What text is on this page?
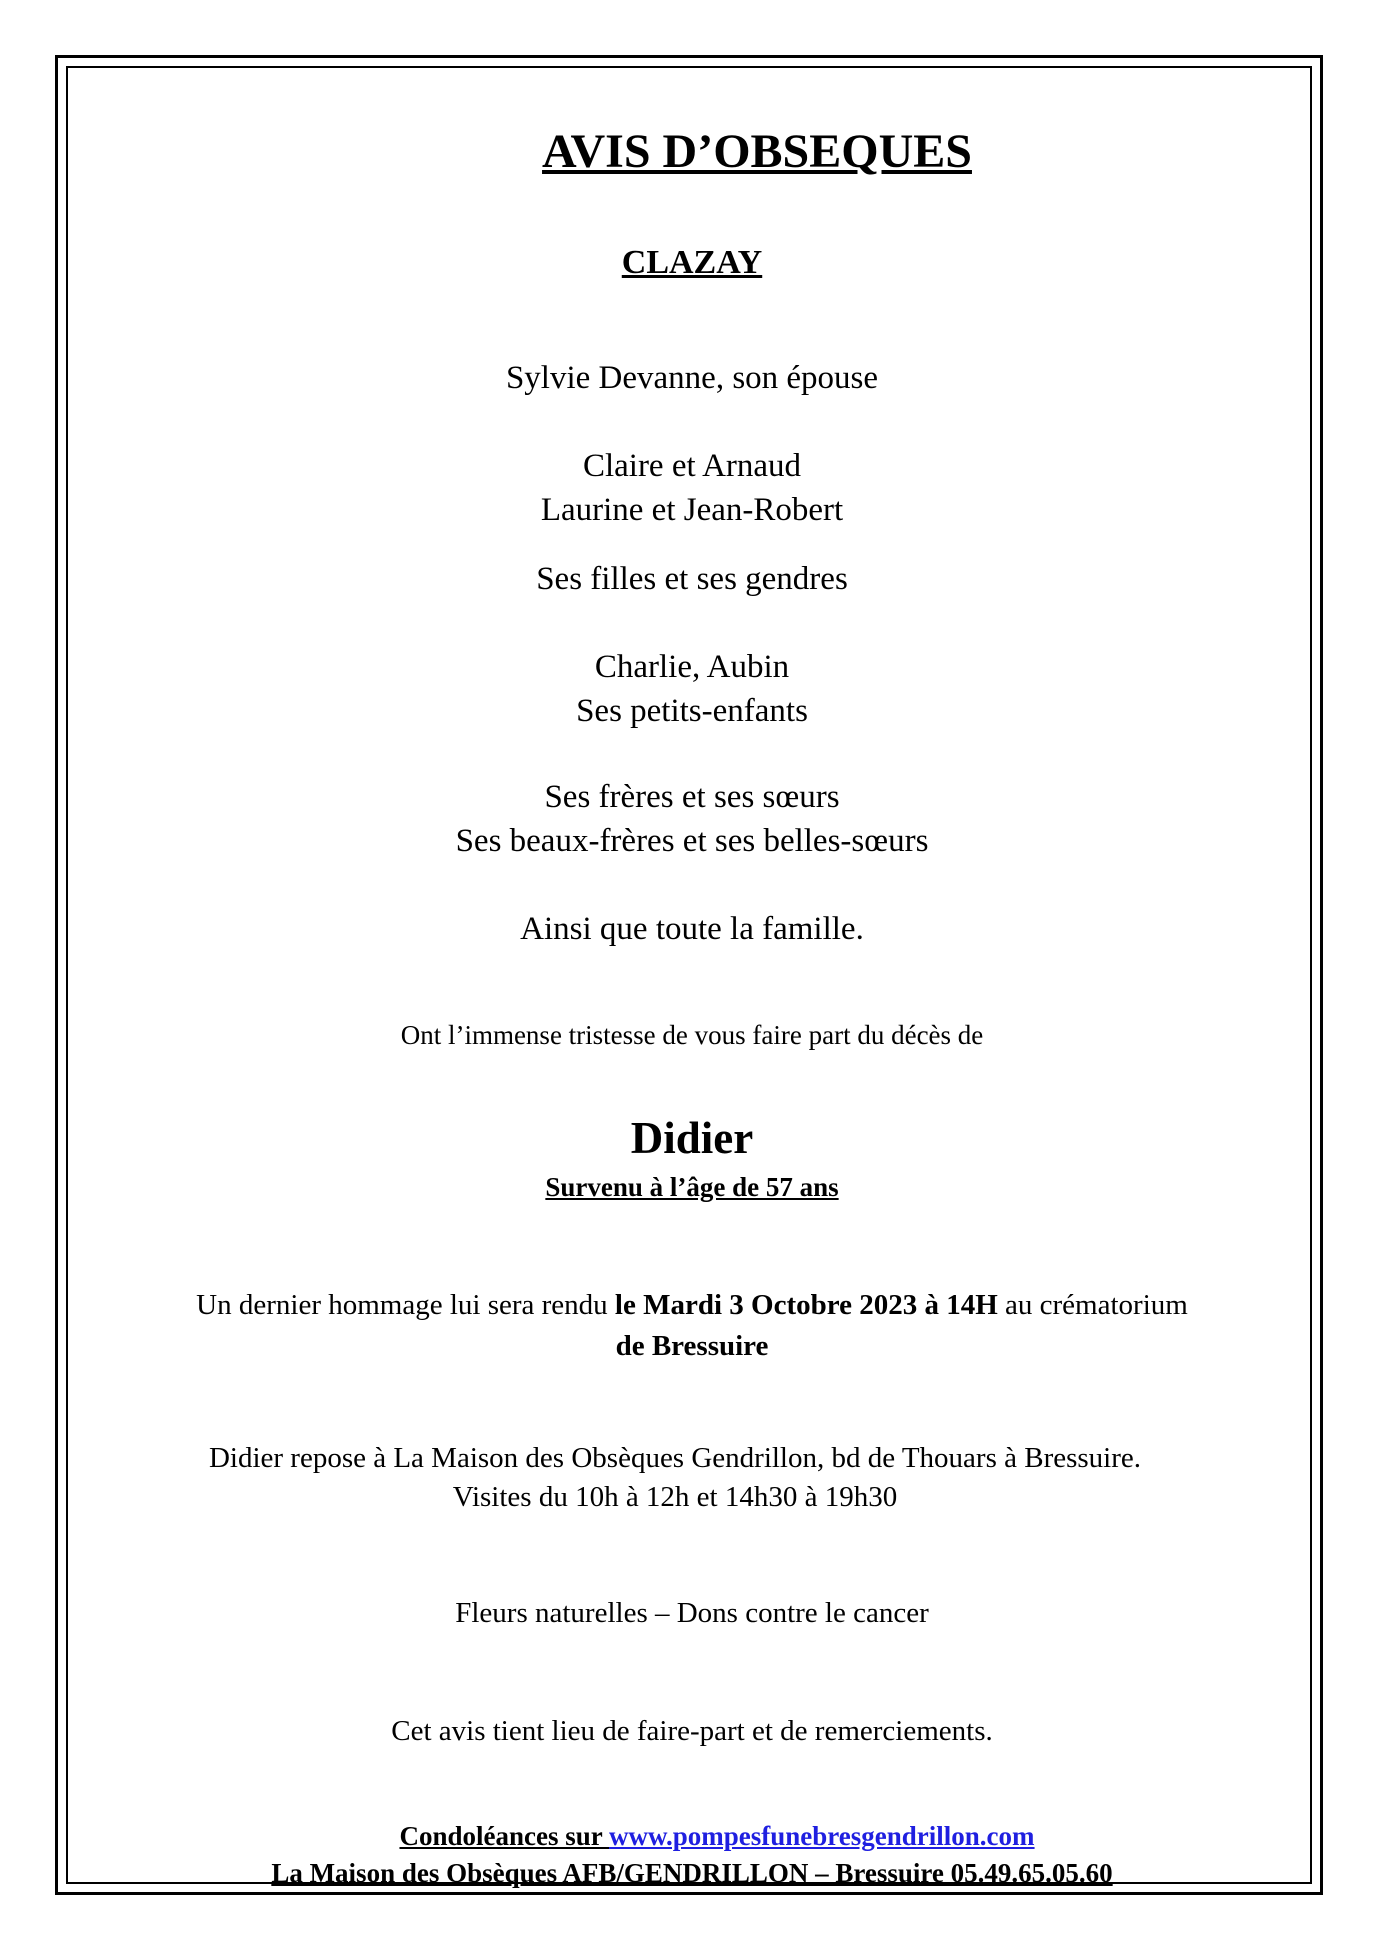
AVIS D’OBSEQUES
CLAZAY
Sylvie Devanne, son épouse
Claire et Arnaud
Laurine et Jean-Robert
Ses filles et ses gendres
Charlie, Aubin
Ses petits-enfants
Ses frères et ses sœurs
Ses beaux-frères et ses belles-sœurs
Ainsi que toute la famille.
Ont l’immense tristesse de vous faire part du décès de
Didier
Survenu à l’âge de 57 ans
Un dernier hommage lui sera rendu le Mardi 3 Octobre 2023 à 14H au crématorium
de Bressuire
Didier repose à La Maison des Obsèques Gendrillon, bd de Thouars à Bressuire.
Visites du 10h à 12h et 14h30 à 19h30
Fleurs naturelles – Dons contre le cancer
Cet avis tient lieu de faire-part et de remerciements.
Condoléances sur www.pompesfunebresgendrillon.com
La Maison des Obsèques AFB/GENDRILLON – Bressuire 05.49.65.05.60
